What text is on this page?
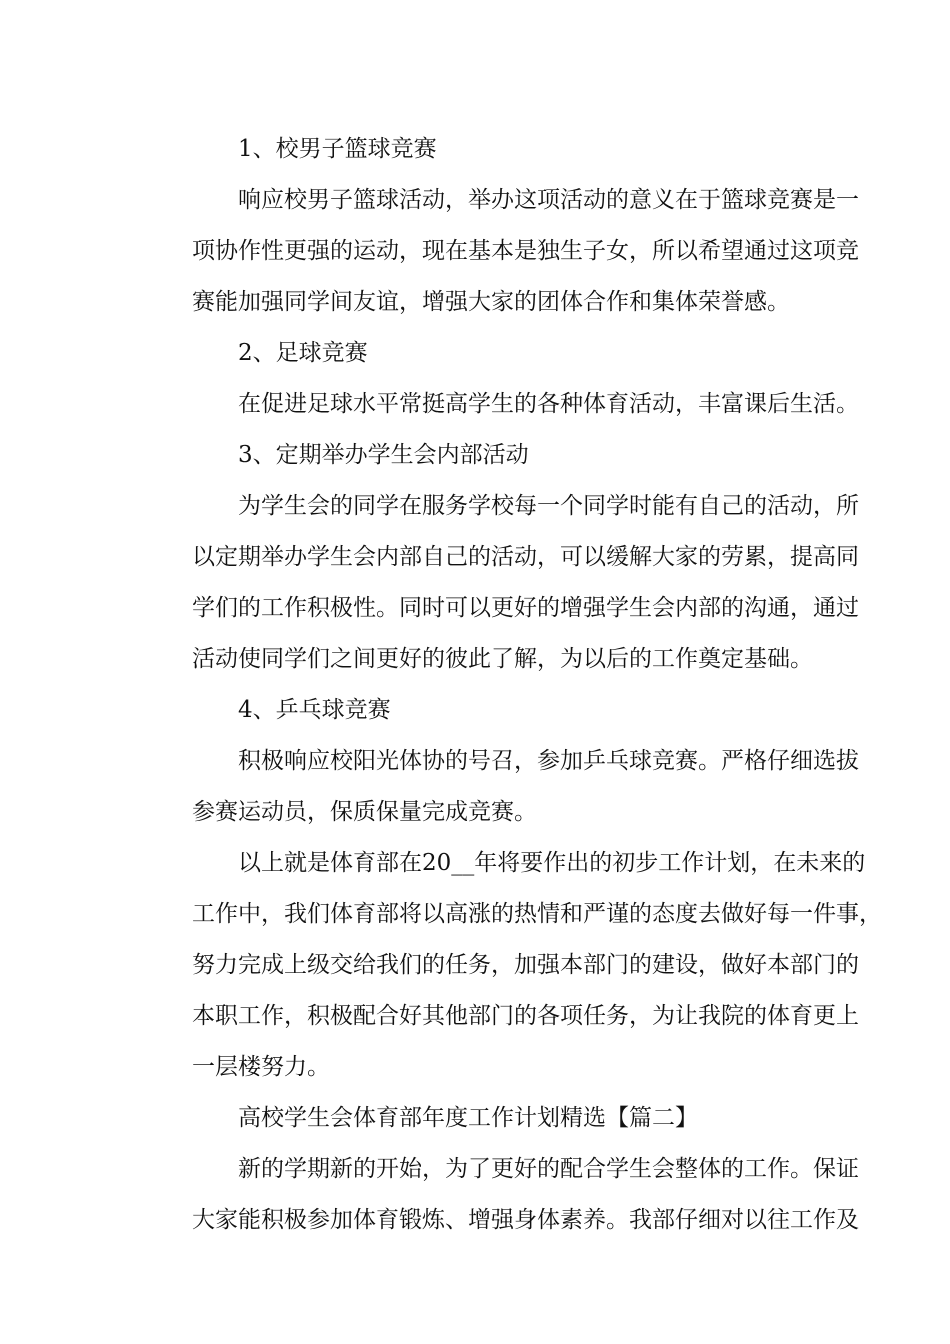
1、校男子篮球竞赛

响应校男子篮球活动，举办这项活动的意义在于篮球竞赛是一
项协作性更强的运动，现在基本是独生子女，所以希望通过这项竞
赛能加强同学间友谊，增强大家的团体合作和集体荣誉感。

2、足球竞赛

在促进足球水平常挺高学生的各种体育活动，丰富课后生活。

3、定期举办学生会内部活动

为学生会的同学在服务学校每一个同学时能有自己的活动，所
以定期举办学生会内部自己的活动，可以缓解大家的劳累，提高同
学们的工作积极性。同时可以更好的增强学生会内部的沟通，通过
活动使同学们之间更好的彼此了解，为以后的工作奠定基础。

4、乒乓球竞赛

积极响应校阳光体协的号召，参加乒乓球竞赛。严格仔细选拔
参赛运动员，保质保量完成竞赛。

以上就是体育部在20__年将要作出的初步工作计划，在未来的
工作中，我们体育部将以高涨的热情和严谨的态度去做好每一件事，
努力完成上级交给我们的任务，加强本部门的建设，做好本部门的
本职工作，积极配合好其他部门的各项任务，为让我院的体育更上
一层楼努力。

高校学生会体育部年度工作计划精选【篇二】

新的学期新的开始，为了更好的配合学生会整体的工作。保证
大家能积极参加体育锻炼、增强身体素养。我部仔细对以往工作及
